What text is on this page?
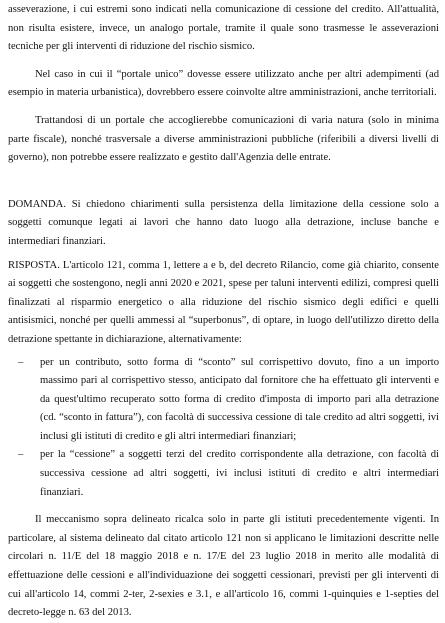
asseverazione, i cui estremi sono indicati nella comunicazione di cessione del credito. All'attualità, non risulta esistere, invece, un analogo portale, tramite il quale sono trasmesse le asseverazioni tecniche per gli interventi di riduzione del rischio sismico.

Nel caso in cui il “portale unico” dovesse essere utilizzato anche per altri adempimenti (ad esempio in materia urbanistica), dovrebbero essere coinvolte altre amministrazioni, anche territoriali.

Trattandosi di un portale che accoglierebbe comunicazioni di varia natura (solo in minima parte fiscale), nonché trasversale a diverse amministrazioni pubbliche (riferibili a diversi livelli di governo), non potrebbe essere realizzato e gestito dall'Agenzia delle entrate.

DOMANDA. Si chiedono chiarimenti sulla persistenza della limitazione della cessione solo a soggetti comunque legati ai lavori che hanno dato luogo alla detrazione, incluse banche e intermediari finanziari.

RISPOSTA. L'articolo 121, comma 1, lettere a e b, del decreto Rilancio, come già chiarito, consente ai soggetti che sostengono, negli anni 2020 e 2021, spese per taluni interventi edilizi, compresi quelli finalizzati al risparmio energetico o alla riduzione del rischio sismico degli edifici e quelli antisismici, nonché per quelli ammessi al “superbonus”, di optare, in luogo dell'utilizzo diretto della detrazione spettante in dichiarazione, alternativamente:

– per un contributo, sotto forma di “sconto” sul corrispettivo dovuto, fino a un importo massimo pari al corrispettivo stesso, anticipato dal fornitore che ha effettuato gli interventi e da quest'ultimo recuperato sotto forma di credito d'imposta di importo pari alla detrazione (cd. “sconto in fattura”), con facoltà di successiva cessione di tale credito ad altri soggetti, ivi inclusi gli istituti di credito e gli altri intermediari finanziari;
– per la “cessione” a soggetti terzi del credito corrispondente alla detrazione, con facoltà di successiva cessione ad altri soggetti, ivi inclusi istituti di credito e altri intermediari finanziari.

Il meccanismo sopra delineato ricalca solo in parte gli istituti precedentemente vigenti. In particolare, al sistema delineato dal citato articolo 121 non si applicano le limitazioni descritte nelle circolari n. 11/E del 18 maggio 2018 e n. 17/E del 23 luglio 2018 in merito alle modalità di effettuazione delle cessioni e all'individuazione dei soggetti cessionari, previsti per gli interventi di cui all'articolo 14, commi 2-ter, 2-sexies e 3.1, e all'articolo 16, commi 1-quinquies e 1-septies del decreto-legge n. 63 del 2013.
